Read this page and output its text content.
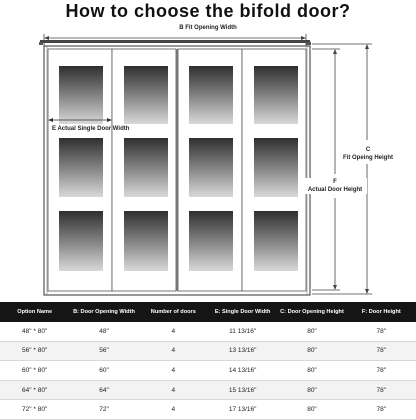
How to choose the bifold door?
B Fit Opening Width
E Actual Single Door Width
C
Fit Opeing Height
F
Actual Door Height
Option Name	B: Door Opening Width	Number of doors	E: Single Door Width	C: Door Opening Height	F: Door Height
48" * 80"	48"	4	11 13/16"	80"	78"
56" * 80"	56"	4	13 13/16"	80"	78"
60" * 80"	60"	4	14 13/16"	80"	78"
64" * 80"	64"	4	15 13/16"	80"	78"
72" * 80"	72"	4	17 13/16"	80"	78"
